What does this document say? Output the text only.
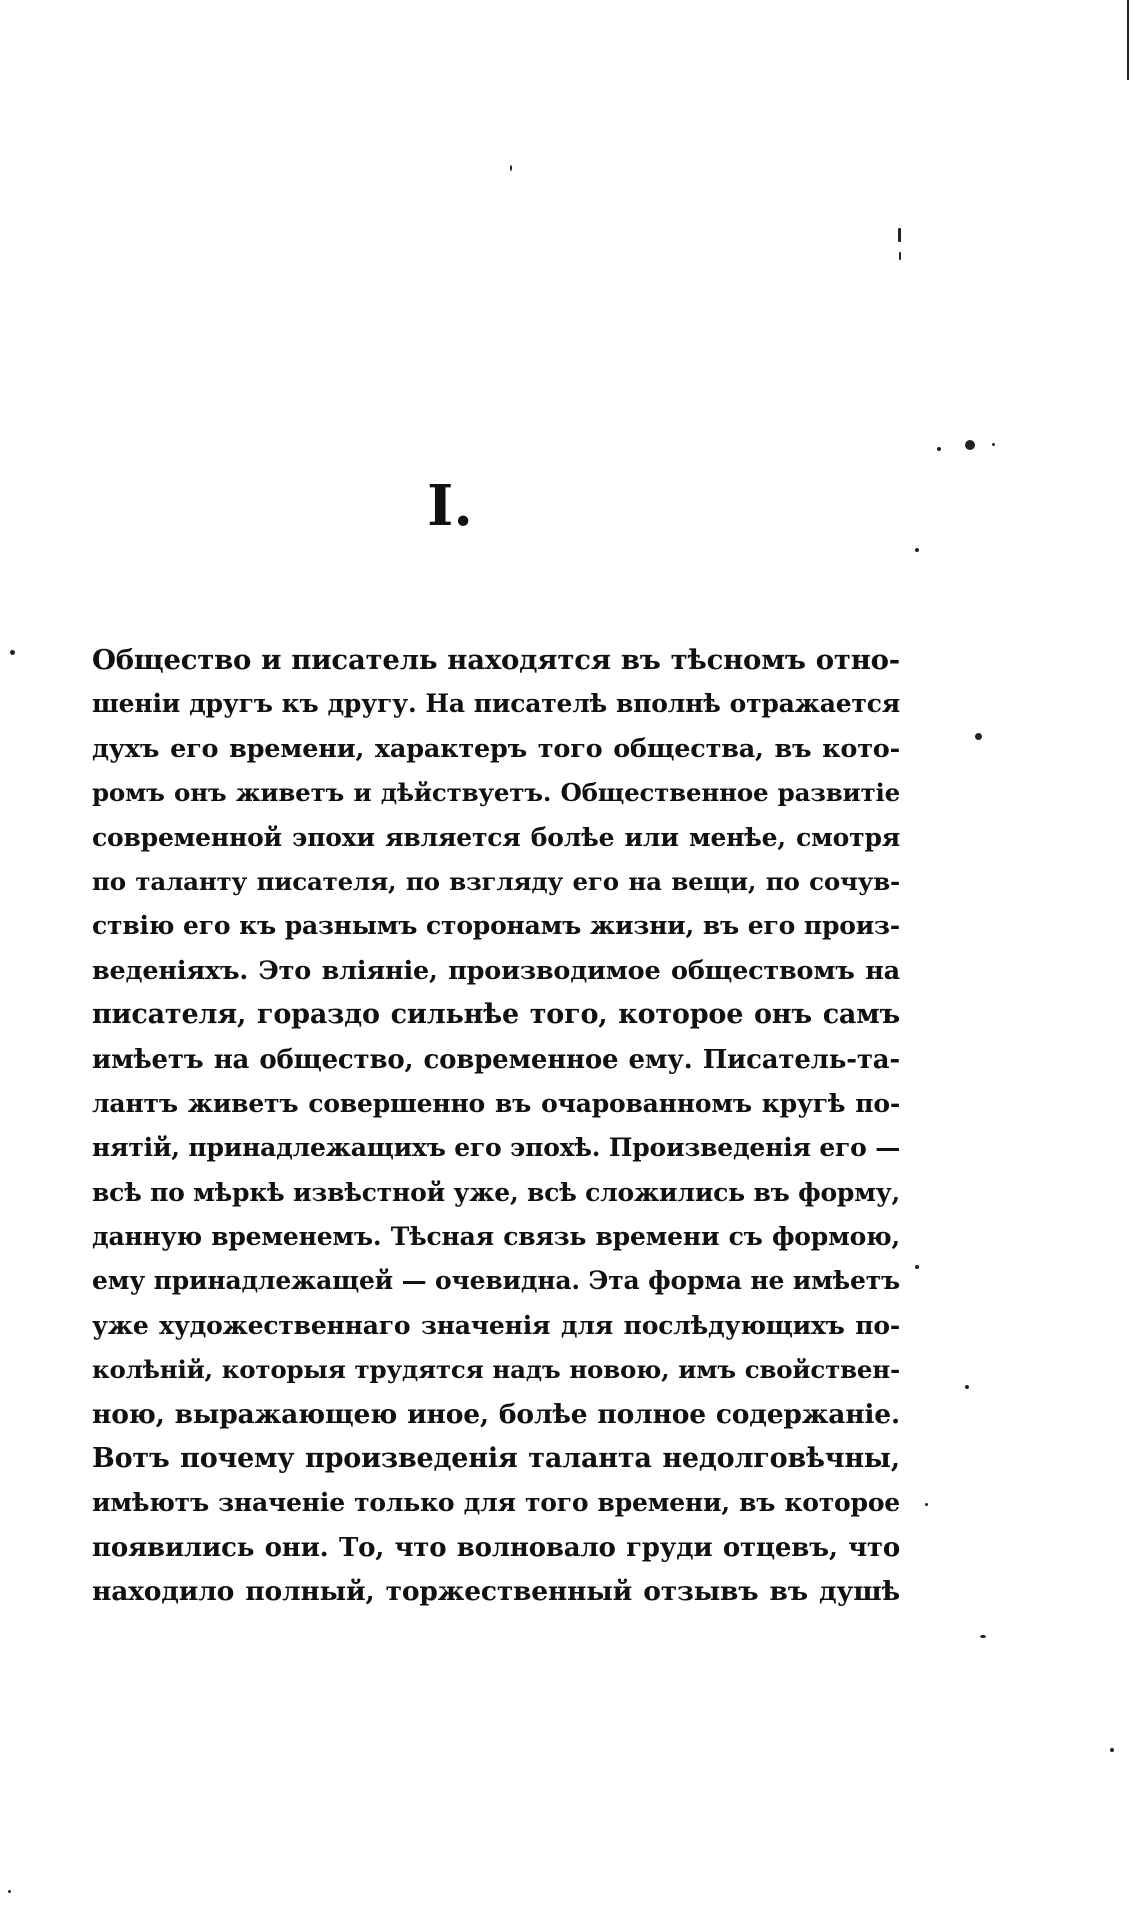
I.
Общество и писатель находятся въ тѣсномъ отно-
шеніи другъ къ другу. На писателѣ вполнѣ отражается
духъ его времени, характеръ того общества, въ кото-
ромъ онъ живетъ и дѣйствуетъ. Общественное развитіе
современной эпохи является болѣе или менѣе, смотря
по таланту писателя, по взгляду его на вещи, по сочув-
ствію его къ разнымъ сторонамъ жизни, въ его произ-
веденіяхъ. Это вліяніе, производимое обществомъ на
писателя, гораздо сильнѣе того, которое онъ самъ
имѣетъ на общество, современное ему. Писатель-та-
лантъ живетъ совершенно въ очарованномъ кругѣ по-
нятій, принадлежащихъ его эпохѣ. Произведенія его —
всѣ по мѣркѣ извѣстной уже, всѣ сложились въ форму,
данную временемъ. Тѣсная связь времени съ формою,
ему принадлежащей — очевидна. Эта форма не имѣетъ
уже художественнаго значенія для послѣдующихъ по-
колѣній, которыя трудятся надъ новою, имъ свойствен-
ною, выражающею иное, болѣе полное содержаніе.
Вотъ почему произведенія таланта недолговѣчны,
имѣютъ значеніе только для того времени, въ которое
появились они. То, что волновало груди отцевъ, что
находило полный, торжественный отзывъ въ душѣ
